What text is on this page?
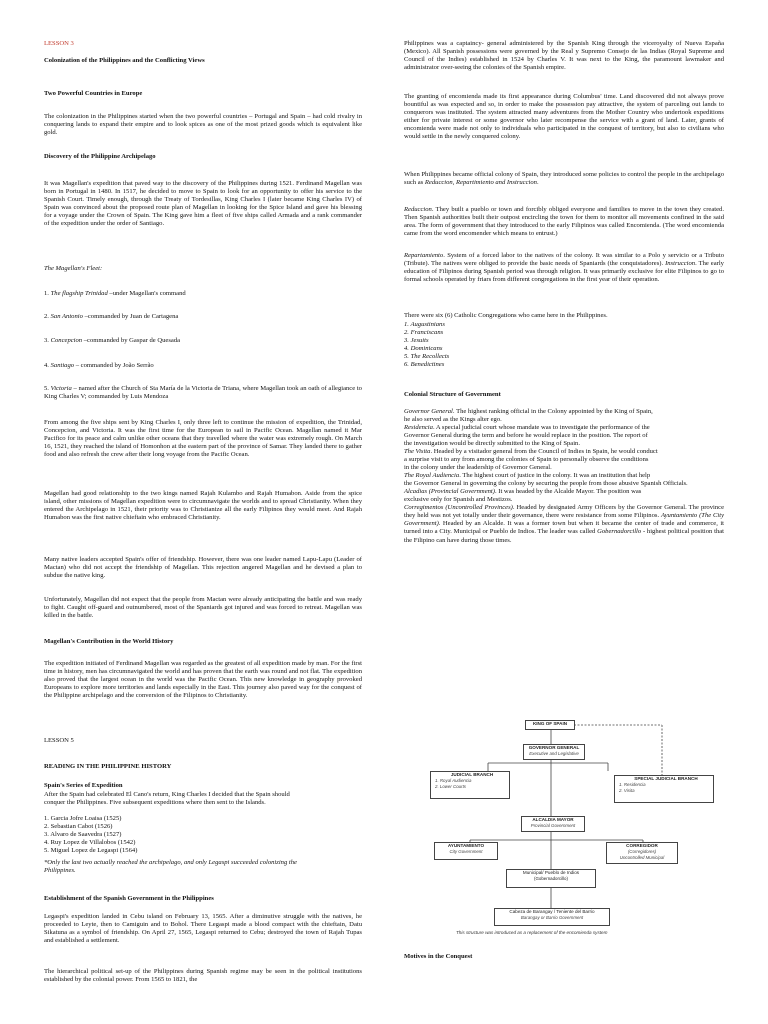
LESSON 3

Colonization of the Philippines and the Conflicting Views

Two Powerful Countries in Europe

The colonization in the Philippines started when the two powerful countries – Portugal and Spain – had cold rivalry in conquering lands to expand their empire and to look spices as one of the most prized goods which is equivalent like gold.

Discovery of the Philippine Archipelago

It was Magellan's expedition that paved way to the discovery of the Philippines during 1521. Ferdinand Magellan was born in Portugal in 1480. In 1517, he decided to move to Spain to look for an opportunity to offer his service to the Spanish Court. Timely enough, through the Treaty of Tordesillas, King Charles I (later became King Charles IV) of Spain was convinced about the proposed route plan of Magellan in looking for the Spice Island and gave his blessing for a voyage under the Crown of Spain. The King gave him a fleet of five ships called Armada and a rank commander of the expedition under the order of Santiago.

The Magellan's Fleet:

1. The flagship Trinidad –under Magellan's command

2. San Antonio –commanded by Juan de Cartagena

3. Concepcion –commanded by Gaspar de Quesada

4. Santiago – commanded by João Serrão

5. Victoria – named after the Church of Sta María de la Victoria de Triana, where Magellan took an oath of allegiance to King Charles V; commanded by Luis Mendoza

From among the five ships sent by King Charles I, only three left to continue the mission of expedition, the Trinidad, Concepcion, and Victoria. It was the first time for the European to sail in Pacific Ocean. Magellan named it Mar Pacifico for its peace and calm unlike other oceans that they travelled where the water was extremely rough. On March 16, 1521, they reached the island of Homonhon at the eastern part of the province of Samar. They landed there to gather food and also refresh the crew after their long voyage from the Pacific Ocean.

Magellan had good relationship to the two kings named Rajah Kulambo and Rajah Humabon. Aside from the spice island, other missions of Magellan expedition were to circumnavigate the worlds and to spread Christianity. When they entered the Archipelago in 1521, their priority was to Christianize all the early Filipinos they would meet. And Rajah Humabon was the first native chieftain who embraced Christianity.

Many native leaders accepted Spain's offer of friendship. However, there was one leader named Lapu-Lapu (Leader of Mactan) who did not accept the friendship of Magellan. This rejection angered Magellan and he devised a plan to subdue the native king.

Unfortunately, Magellan did not expect that the people from Mactan were already anticipating the battle and was ready to fight. Caught off-guard and outnumbered, most of the Spaniards got injured and was forced to retreat. Magellan was killed in the battle.

Magellan's Contribution in the World History

The expedition initiated of Ferdinand Magellan was regarded as the greatest of all expedition made by man. For the first time in history, men has circumnavigated the world and has proven that the earth was round and not flat. The expedition also proved that the largest ocean in the world was the Pacific Ocean. This new knowledge in geography provoked Europeans to explore more territories and lands especially in the East. This journey also paved way for the conquest of the Philippine archipelago and the conversion of the Filipinos to Christianity.

LESSON 5

READING IN THE PHILIPPINE HISTORY

Spain's Series of Expedition

After the Spain had celebrated El Cano's return, King Charles I decided that the Spain should
conquer the Philippines. Five subsequent expeditions where then sent to the Islands.

1. Garcia Jofre Loaisa (1525)
2. Sebastian Cabot (1526)
3. Alvaro de Saavedra (1527)
4. Ruy Lopez de Villalobos (1542)
5. Miguel Lopez de Legaspi (1564)

*Only the last two actually reached the archipelago, and only Legaspi succeeded colonizing the
Philippines.

Establishment of the Spanish Government in the Philippines

Legaspi's expedition landed in Cebu island on February 13, 1565. After a diminutive struggle with the natives, he proceeded to Leyte, then to Camiguin and to Bohol. There Legaspi made a blood compact with the chieftain, Datu Sikatuna as a symbol of friendship. On April 27, 1565, Legaspi returned to Cebu; destroyed the town of Rajah Tupas and established a settlement.

The hierarchical political set-up of the Philippines during Spanish regime may be seen in the political institutions established by the colonial power. From 1565 to 1821, the

Philippines was a captaincy- general administered by the Spanish King through the viceroyalty of Nueva España (Mexico). All Spanish possessions were governed by the Real y Supremo Consejo de las Indias (Royal Supreme and Council of the Indies) established in 1524 by Charles V. It was next to the King, the paramount lawmaker and administrator over-seeing the colonies of the Spanish empire.

The granting of encomienda made its first appearance during Columbus' time. Land discovered did not always prove bountiful as was expected and so, in order to make the possession pay attractive, the system of parceling out lands to conquerors was instituted. The system attracted many adventures from the Mother Country who undertook expeditions either for private interest or some governor who later recompense the service with a grant of land. Later, grants of encomienda were made not only to individuals who participated in the conquest of territory, but also to civilians who would settle in the newly conquered colony.

When Philippines became official colony of Spain, they introduced some policies to control the people in the archipelago such as Reduccion, Repartimiento and Instruccion.

Reduccion. They built a pueblo or town and forcibly obliged everyone and families to move in the town they created. Then Spanish authorities built their outpost encircling the town for them to monitor all movements confined in the said area. The form of government that they introduced to the early Filipinos was called Encomienda. (The word encomienda came from the word encomender which means to entrust.)

Repartamiento. System of a forced labor to the natives of the colony. It was similar to a Polo y servicio or a Tributo (Tribute). The natives were obliged to provide the basic needs of Spaniards (the conquistadores). Instruccion. The early education of Filipinos during Spanish period was through religion. It was primarily exclusive for elite Filipinos to go to formal schools operated by friars from different congregations in the first year of their operation.

There were six (6) Catholic Congregations who came here in the Philippines.

1. Augustinians
2. Franciscans
3. Jesuits
4. Dominicans
5. The Recollects
6. Benedictines

Colonial Structure of Government

Governor General. The highest ranking official in the Colony appointed by the King of Spain,
he also served as the Kings alter ego.
Residencia. A special judicial court whose mandate was to investigate the performance of the
Governor General during the term and before he would replace in the position. The report of
the investigation would be directly submitted to the King of Spain.
The Visita. Headed by a visitador general from the Council of Indies in Spain, he would conduct
a surprise visit to any from among the colonies of Spain to personally observe the conditions
in the colony under the leadership of Governor General.
The Royal Audiencia. The highest court of justice in the colony. It was an institution that help
the Governor General in governing the colony by securing the people from those abusive Spanish Officials.
Alcadias (Provincial Government). It was headed by the Alcalde Mayor. The position was
exclusive only for Spanish and Mestizos.
Corregimentos (Uncontrolled Provinces). Headed by designated Army Officers by the Governor General. The province they held was not yet totally under their governance, there were resistance from some Filipinos. Ayuntamiento (The City Government). Headed by an Alcalde. It was a former town but when it became the center of trade and commerce, it turned into a City. Municipal or Pueblo de Indios. The leader was called Gobernadorcillo - highest political position that the Filipino can have during those times.

Motives in the Conquest

KING OF SPAIN
GOVERNOR GENERAL
Executive and Legislative
JUDICIAL BRANCH
1. Royal Audiencia
2. Lower Courts
SPECIAL JUDICIAL BRANCH
1. Residencia
2. Visita
ALCALDIA MAYOR
Provincial Government
AYUNTAMIENTO
City Government
CORREGIDOR
(Corregidores)
Uncontrolled Municipal
Municipal/ Pueblo de Indios
(Gobernadorcillo)
Cabeza de Barangay / Teniente del Barrio
Barangay or Barrio Government
This structure was introduced as a replacement of the encomienda system
